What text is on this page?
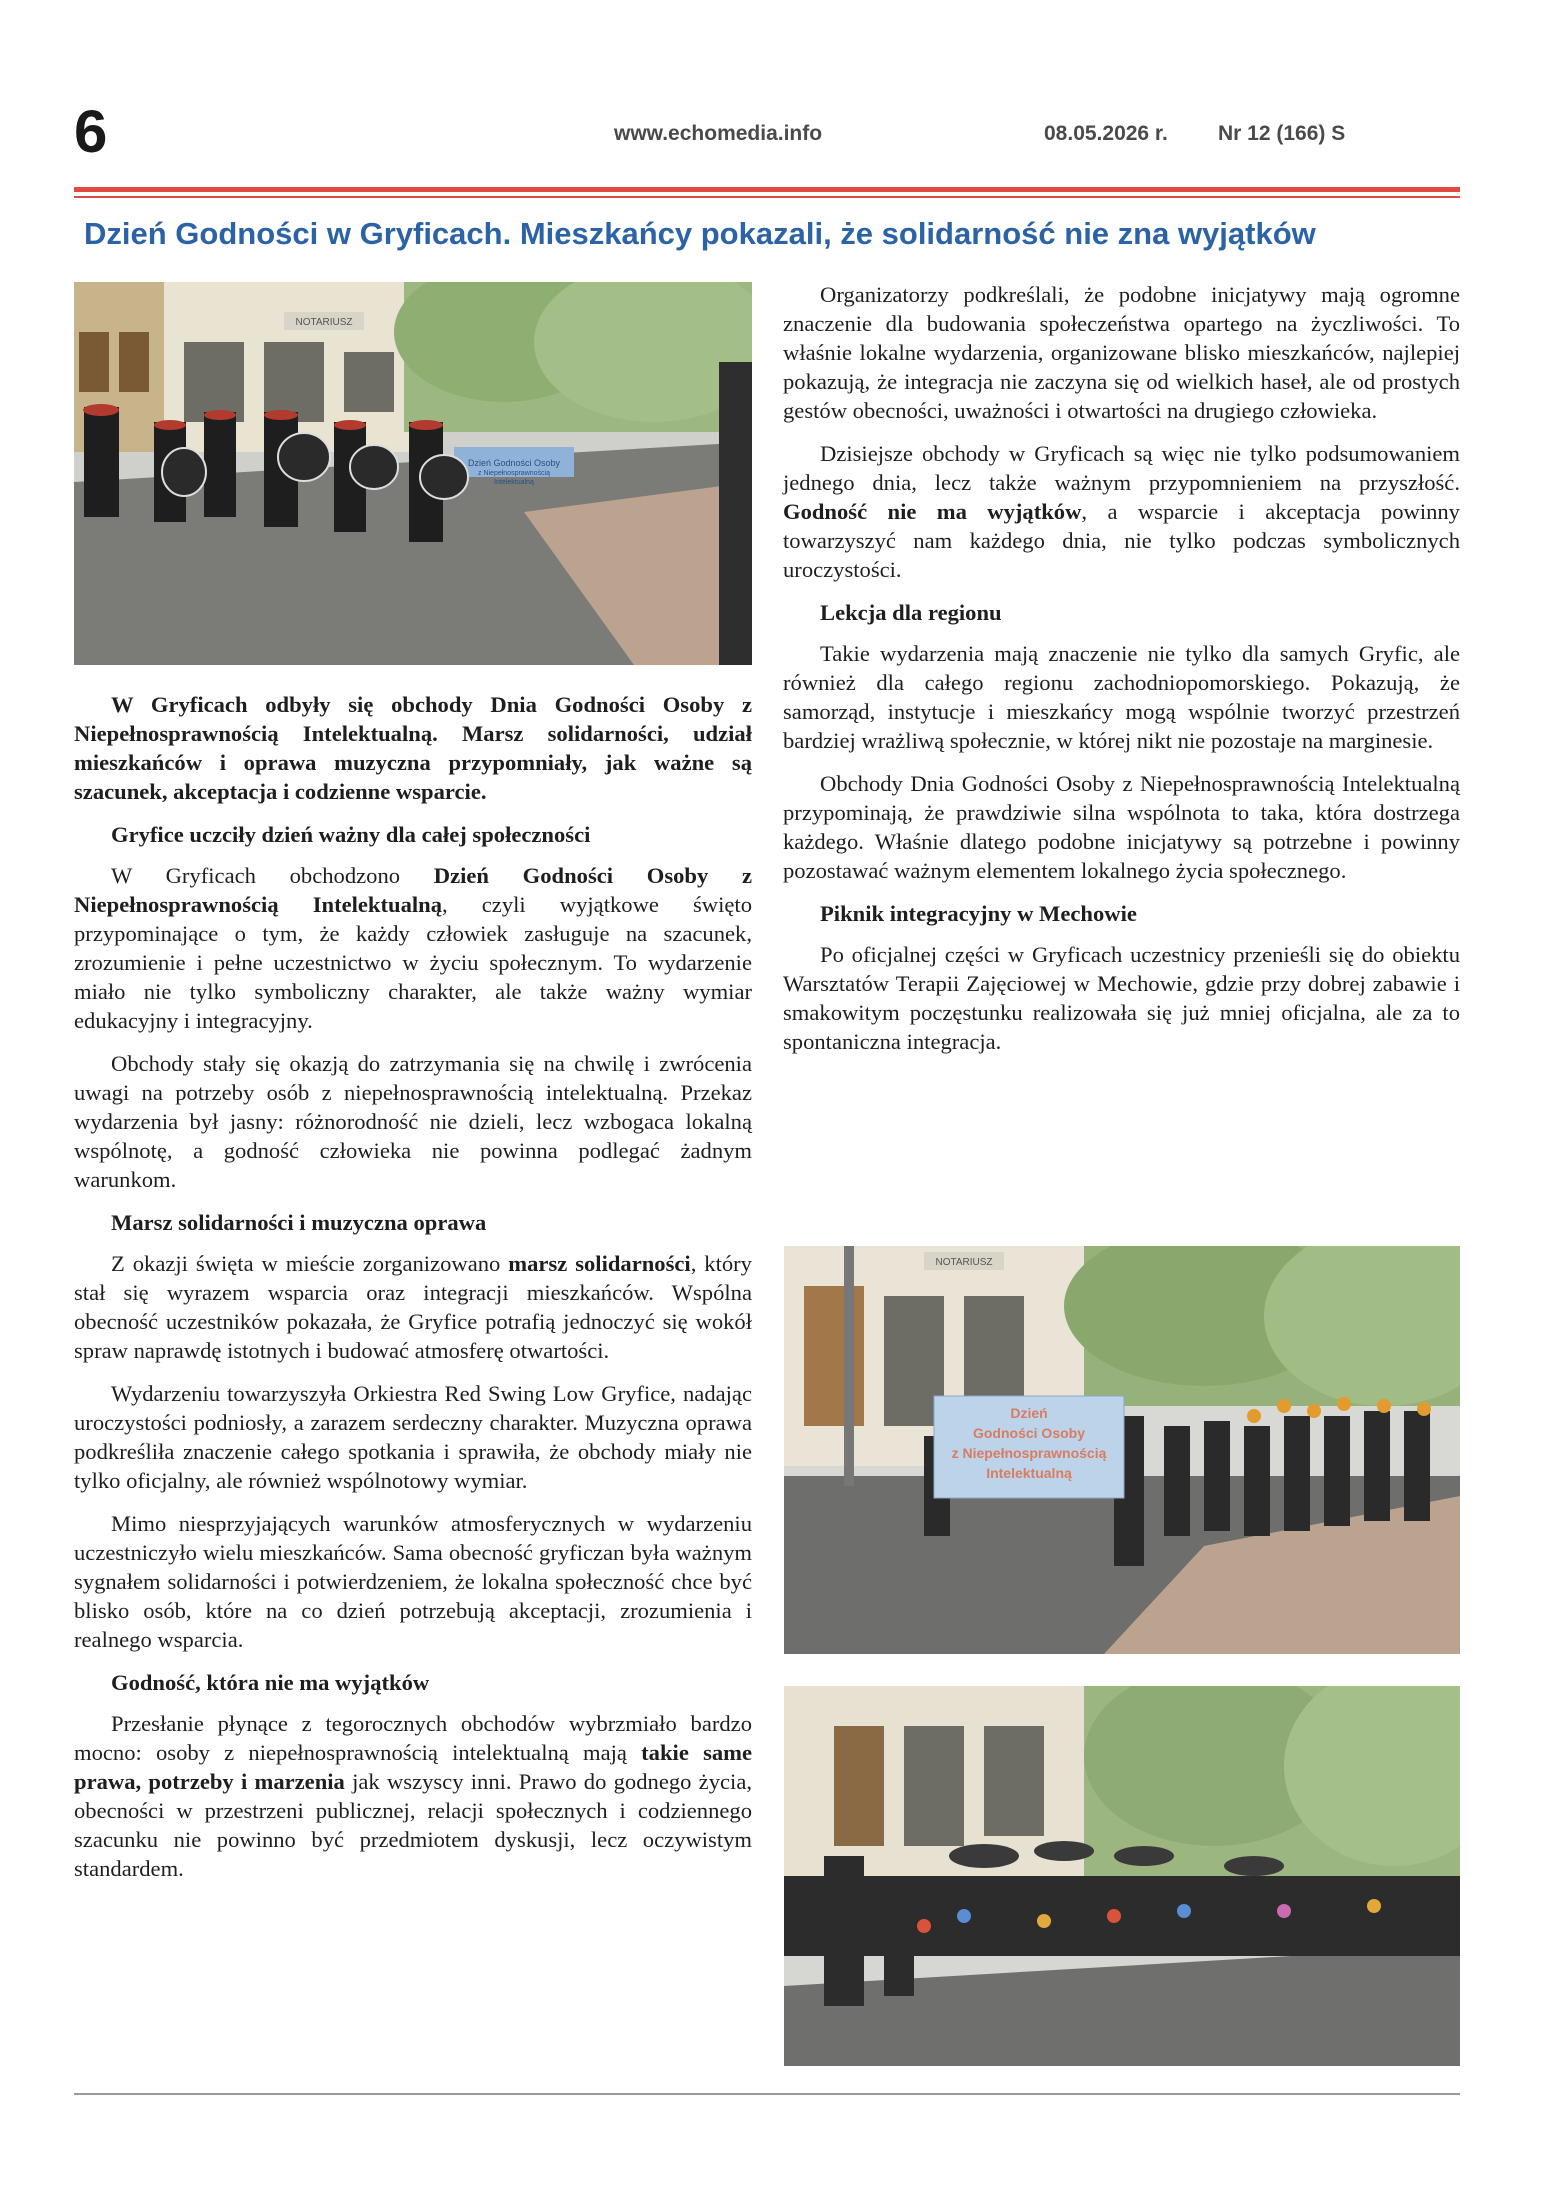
6	www.echomedia.info	08.05.2026 r. Nr 12 (166) S
Dzień Godności w Gryficach. Mieszkańcy pokazali, że solidarność nie zna wyjątków
NOTARIUSZ
Dzień Godności Osoby
z Niepełnosprawnością
Intelektualną

W Gryficach odbyły się obchody Dnia Godności Osoby z Niepełnosprawnością Intelektualną. Marsz solidarności, udział mieszkańców i oprawa muzyczna przypomniały, jak ważne są szacunek, akceptacja i codzienne wsparcie.

Gryfice uczciły dzień ważny dla całej społeczności

W Gryficach obchodzono Dzień Godności Osoby z Niepełnosprawnością Intelektualną, czyli wyjątkowe święto przypominające o tym, że każdy człowiek zasługuje na szacunek, zrozumienie i pełne uczestnictwo w życiu społecznym. To wydarzenie miało nie tylko symboliczny charakter, ale także ważny wymiar edukacyjny i integracyjny.

Obchody stały się okazją do zatrzymania się na chwilę i zwrócenia uwagi na potrzeby osób z niepełnosprawnością intelektualną. Przekaz wydarzenia był jasny: różnorodność nie dzieli, lecz wzbogaca lokalną wspólnotę, a godność człowieka nie powinna podlegać żadnym warunkom.

Marsz solidarności i muzyczna oprawa

Z okazji święta w mieście zorganizowano marsz solidarności, który stał się wyrazem wsparcia oraz integracji mieszkańców. Wspólna obecność uczestników pokazała, że Gryfice potrafią jednoczyć się wokół spraw naprawdę istotnych i budować atmosferę otwartości.

Wydarzeniu towarzyszyła Orkiestra Red Swing Low Gryfice, nadając uroczystości podniosły, a zarazem serdeczny charakter. Muzyczna oprawa podkreśliła znaczenie całego spotkania i sprawiła, że obchody miały nie tylko oficjalny, ale również wspólnotowy wymiar.

Mimo niesprzyjających warunków atmosferycznych w wydarzeniu uczestniczyło wielu mieszkańców. Sama obecność gryficzan była ważnym sygnałem solidarności i potwierdzeniem, że lokalna społeczność chce być blisko osób, które na co dzień potrzebują akceptacji, zrozumienia i realnego wsparcia.

Godność, która nie ma wyjątków

Przesłanie płynące z tegorocznych obchodów wybrzmiało bardzo mocno: osoby z niepełnosprawnością intelektualną mają takie same prawa, potrzeby i marzenia jak wszyscy inni. Prawo do godnego życia, obecności w przestrzeni publicznej, relacji społecznych i codziennego szacunku nie powinno być przedmiotem dyskusji, lecz oczywistym standardem.

Organizatorzy podkreślali, że podobne inicjatywy mają ogromne znaczenie dla budowania społeczeństwa opartego na życzliwości. To właśnie lokalne wydarzenia, organizowane blisko mieszkańców, najlepiej pokazują, że integracja nie zaczyna się od wielkich haseł, ale od prostych gestów obecności, uważności i otwartości na drugiego człowieka.

Dzisiejsze obchody w Gryficach są więc nie tylko podsumowaniem jednego dnia, lecz także ważnym przypomnieniem na przyszłość. Godność nie ma wyjątków, a wsparcie i akceptacja powinny towarzyszyć nam każdego dnia, nie tylko podczas symbolicznych uroczystości.

Lekcja dla regionu

Takie wydarzenia mają znaczenie nie tylko dla samych Gryfic, ale również dla całego regionu zachodniopomorskiego. Pokazują, że samorząd, instytucje i mieszkańcy mogą wspólnie tworzyć przestrzeń bardziej wrażliwą społecznie, w której nikt nie pozostaje na marginesie.

Obchody Dnia Godności Osoby z Niepełnosprawnością Intelektualną przypominają, że prawdziwie silna wspólnota to taka, która dostrzega każdego. Właśnie dlatego podobne inicjatywy są potrzebne i powinny pozostawać ważnym elementem lokalnego życia społecznego.

Piknik integracyjny w Mechowie

Po oficjalnej części w Gryficach uczestnicy przenieśli się do obiektu Warsztatów Terapii Zajęciowej w Mechowie, gdzie przy dobrej zabawie i smakowitym poczęstunku realizowała się już mniej oficjalna, ale za to spontaniczna integracja.

NOTARIUSZ
Dzień
Godności Osoby
z Niepełnosprawnością
Intelektualną
